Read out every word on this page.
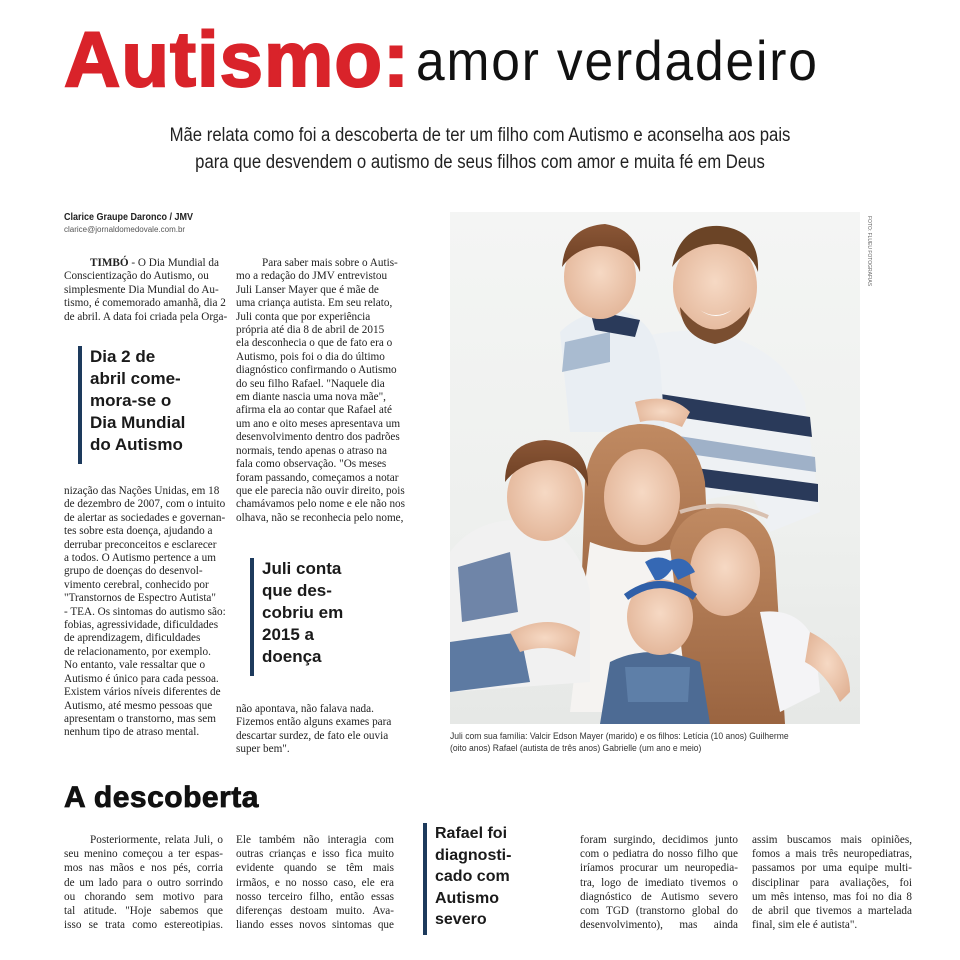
Autismo: amor verdadeiro
Mãe relata como foi a descoberta de ter um filho com Autismo e aconselha aos pais
para que desvendem o autismo de seus filhos com amor e muita fé em Deus
Clarice Graupe Daronco / JMV
clarice@jornaldomedovale.com.br
TIMBÓ - O Dia Mundial da
Conscientização do Autismo, ou
simplesmente Dia Mundial do Au-
tismo, é comemorado amanhã, dia 2
de abril. A data foi criada pela Orga-
Dia 2 de
abril come-
mora-se o
Dia Mundial
do Autismo
nização das Nações Unidas, em 18
de dezembro de 2007, com o intuito
de alertar as sociedades e governan-
tes sobre esta doença, ajudando a
derrubar preconceitos e esclarecer
a todos. O Autismo pertence a um
grupo de doenças do desenvol-
vimento cerebral, conhecido por
"Transtornos de Espectro Autista"
- TEA. Os sintomas do autismo são:
fobias, agressividade, dificuldades
de aprendizagem, dificuldades
de relacionamento, por exemplo.
No entanto, vale ressaltar que o
Autismo é único para cada pessoa.
Existem vários níveis diferentes de
Autismo, até mesmo pessoas que
apresentam o transtorno, mas sem
nenhum tipo de atraso mental.
Para saber mais sobre o Autis-
mo a redação do JMV entrevistou
Juli Lanser Mayer que é mãe de
uma criança autista. Em seu relato,
Juli conta que por experiência
própria até dia 8 de abril de 2015
ela desconhecia o que de fato era o
Autismo, pois foi o dia do último
diagnóstico confirmando o Autismo
do seu filho Rafael. "Naquele dia
em diante nascia uma nova mãe",
afirma ela ao contar que Rafael até
um ano e oito meses apresentava um
desenvolvimento dentro dos padrões
normais, tendo apenas o atraso na
fala como observação. "Os meses
foram passando, começamos a notar
que ele parecia não ouvir direito, pois
chamávamos pelo nome e ele não nos
olhava, não se reconhecia pelo nome,
Juli conta
que des-
cobriu em
2015 a
doença
não apontava, não falava nada.
Fizemos então alguns exames para
descartar surdez, de fato ele ouvia
super bem".
FOTO: FLUEU FOTOGRAFIAS
Juli com sua família: Valcir Edson Mayer (marido) e os filhos: Letícia (10 anos) Guilherme
(oito anos) Rafael (autista de três anos) Gabrielle (um ano e meio)
A descoberta
Posteriormente, relata Juli, o
seu menino começou a ter espas-
mos nas mãos e nos pés, corria
de um lado para o outro sorrindo
ou chorando sem motivo para
tal atitude. "Hoje sabemos que
isso se trata como estereotipias.
Ele também não interagia com
outras crianças e isso fica muito
evidente quando se têm mais
irmãos, e no nosso caso, ele era
nosso terceiro filho, então essas
diferenças destoam muito. Ava-
liando esses novos sintomas que
Rafael foi
diagnosti-
cado com
Autismo
severo
foram surgindo, decidimos junto
com o pediatra do nosso filho que
iríamos procurar um neuropedia-
tra, logo de imediato tivemos o
diagnóstico de Autismo severo
com TGD (transtorno global do
desenvolvimento), mas ainda
assim buscamos mais opiniões,
fomos a mais três neuropediatras,
passamos por uma equipe multi-
disciplinar para avaliações, foi
um mês intenso, mas foi no dia 8
de abril que tivemos a martelada
final, sim ele é autista".
